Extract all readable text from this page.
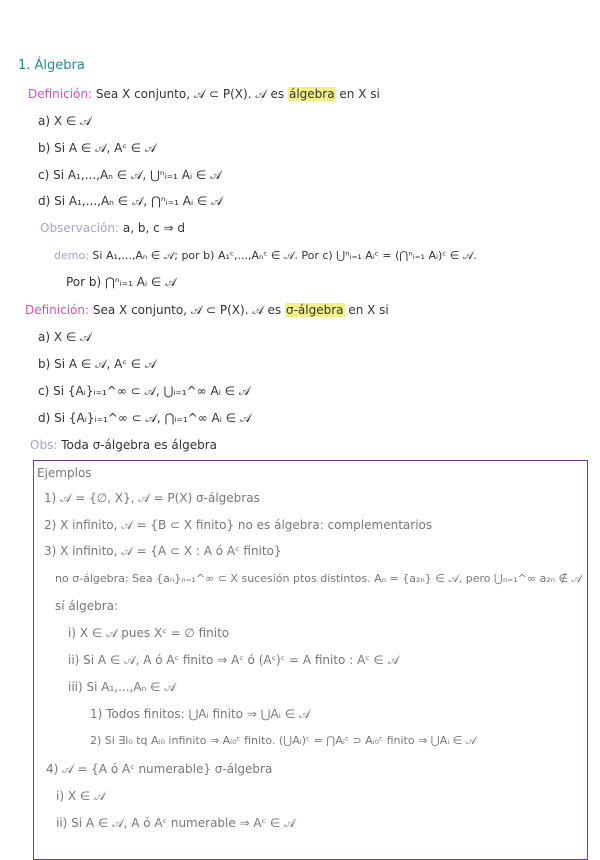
1. Álgebra
Definición: Sea X conjunto, 𝒜 ⊂ P(X). 𝒜 es álgebra en X si
a) X ∈ 𝒜
b) Si A ∈ 𝒜, Aᶜ ∈ 𝒜
c) Si A₁,...,Aₙ ∈ 𝒜, ⋃ⁿᵢ₌₁ Aᵢ ∈ 𝒜
d) Si A₁,...,Aₙ ∈ 𝒜, ⋂ⁿᵢ₌₁ Aᵢ ∈ 𝒜
Observación: a, b, c ⇒ d
demo: Si A₁,...,Aₙ ∈ 𝒜; por b) A₁ᶜ,...,Aₙᶜ ∈ 𝒜. Por c) ⋃ⁿᵢ₌₁ Aᵢᶜ = (⋂ⁿᵢ₌₁ Aᵢ)ᶜ ∈ 𝒜.
Por b) ⋂ⁿᵢ₌₁ Aᵢ ∈ 𝒜
Definición: Sea X conjunto, 𝒜 ⊂ P(X). 𝒜 es σ-álgebra en X si
a) X ∈ 𝒜
b) Si A ∈ 𝒜, Aᶜ ∈ 𝒜
c) Si {Aᵢ}ᵢ₌₁^∞ ⊂ 𝒜, ⋃ᵢ₌₁^∞ Aᵢ ∈ 𝒜
d) Si {Aᵢ}ᵢ₌₁^∞ ⊂ 𝒜, ⋂ᵢ₌₁^∞ Aᵢ ∈ 𝒜
Obs: Toda σ-álgebra es álgebra
Ejemplos
1) 𝒜 = {∅, X}, 𝒜 = P(X) σ-álgebras
2) X infinito, 𝒜 = {B ⊂ X finito} no es álgebra: complementarios
3) X infinito, 𝒜 = {A ⊂ X : A ó Aᶜ finito}
no σ-álgebra: Sea {aₙ}ₙ₌₁^∞ ⊂ X sucesión ptos distintos. Aₙ = {a₂ₙ} ∈ 𝒜, pero ⋃ₙ₌₁^∞ a₂ₙ ∉ 𝒜
sí álgebra:
i) X ∈ 𝒜 pues Xᶜ = ∅ finito
ii) Si A ∈ 𝒜, A ó Aᶜ finito ⇒ Aᶜ ó (Aᶜ)ᶜ = A finito : Aᶜ ∈ 𝒜
iii) Si A₁,...,Aₙ ∈ 𝒜
1) Todos finitos: ⋃Aᵢ finito ⇒ ⋃Aᵢ ∈ 𝒜
2) Si ∃i₀ tq Aᵢ₀ infinito ⇒ Aᵢ₀ᶜ finito. (⋃Aᵢ)ᶜ = ⋂Aᵢᶜ ⊃ Aᵢ₀ᶜ finito ⇒ ⋃Aᵢ ∈ 𝒜
4) 𝒜 = {A ó Aᶜ numerable} σ-álgebra
i) X ∈ 𝒜
ii) Si A ∈ 𝒜, A ó Aᶜ numerable ⇒ Aᶜ ∈ 𝒜
